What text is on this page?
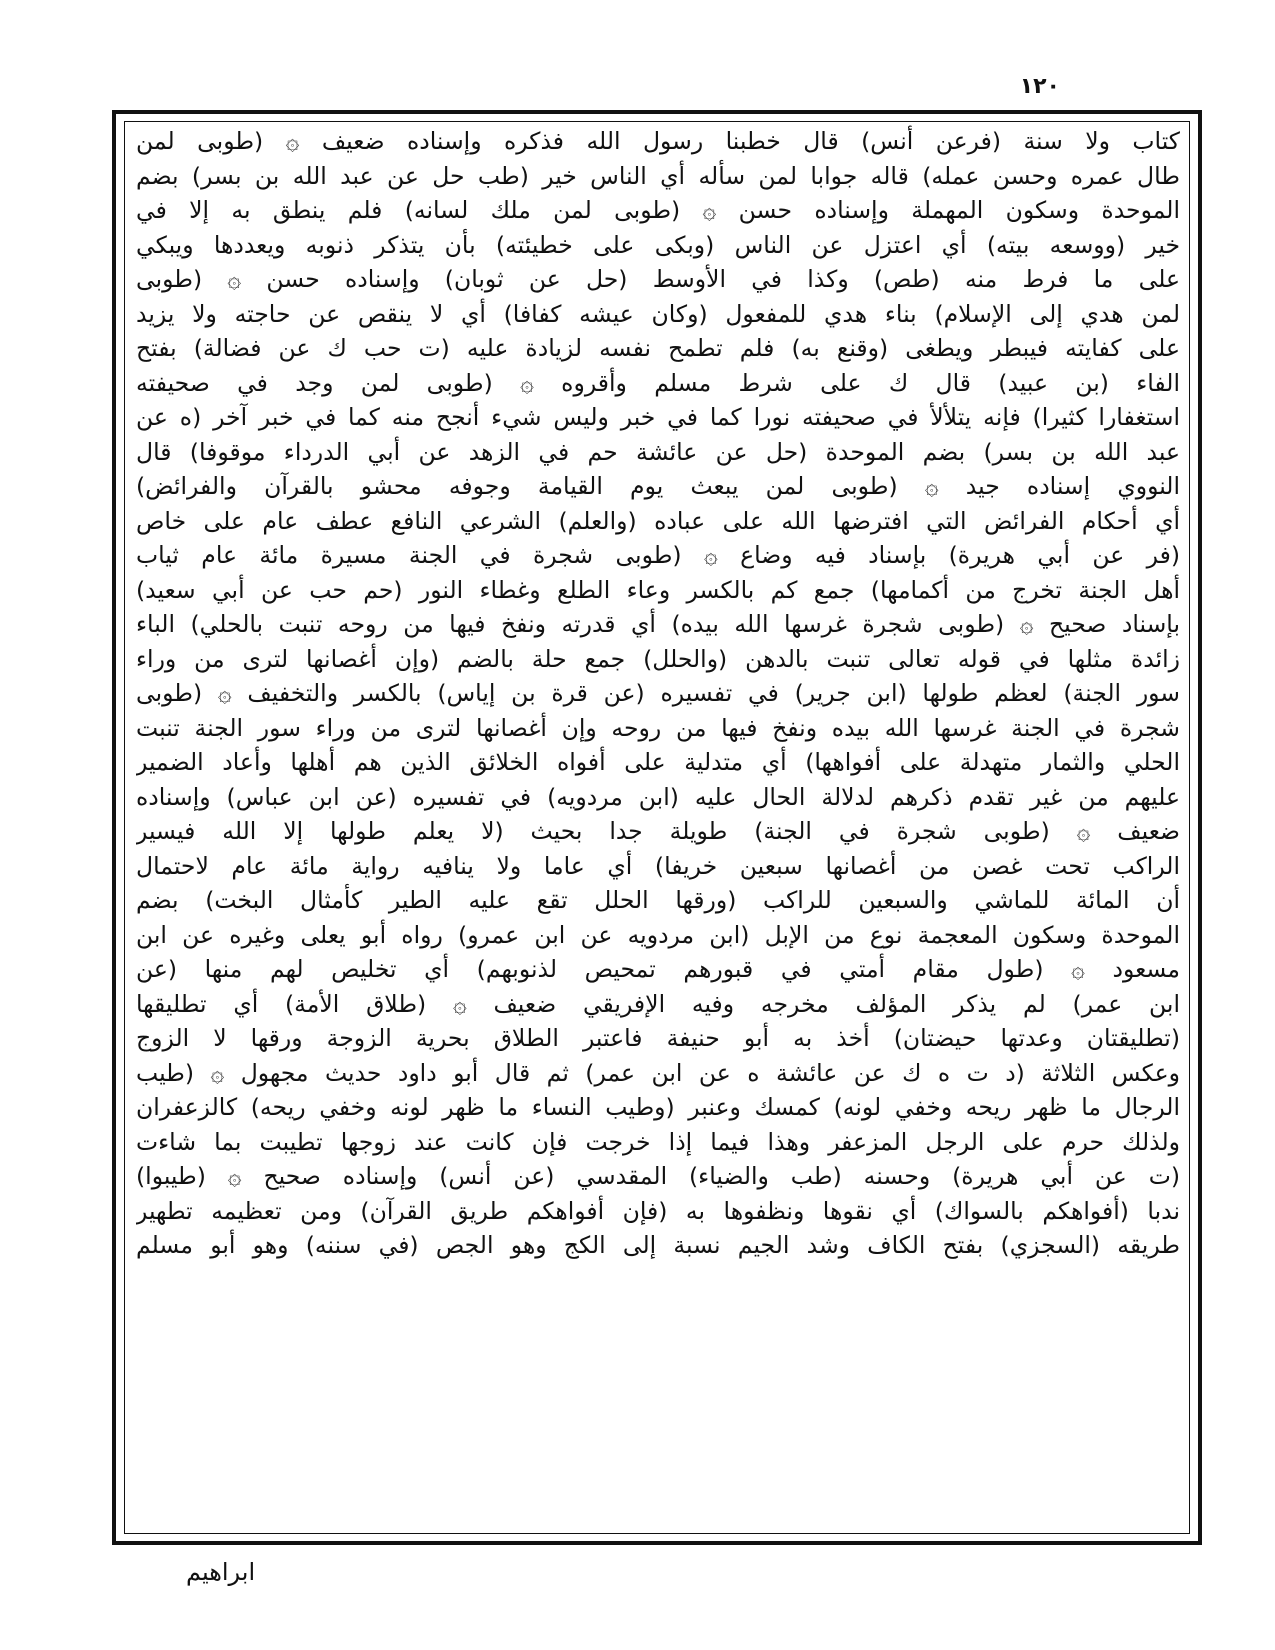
١٢٠
كتاب ولا سنة (فرعن أنس) قال خطبنا رسول الله فذكره وإسناده ضعيف ۞ (طوبى لمن
طال عمره وحسن عمله) قاله جوابا لمن سأله أي الناس خير (طب حل عن عبد الله بن بسر) بضم
الموحدة وسكون المهملة وإسناده حسن ۞ (طوبى لمن ملك لسانه) فلم ينطق به إلا في
خير (ووسعه بيته) أي اعتزل عن الناس (وبكى على خطيئته) بأن يتذكر ذنوبه ويعددها ويبكي
على ما فرط منه (طص) وكذا في الأوسط (حل عن ثوبان) وإسناده حسن ۞ (طوبى
لمن هدي إلى الإسلام) بناء هدي للمفعول (وكان عيشه كفافا) أي لا ينقص عن حاجته ولا يزيد
على كفايته فيبطر ويطغى (وقنع به) فلم تطمح نفسه لزيادة عليه (ت حب ك عن فضالة) بفتح
الفاء (بن عبيد) قال ك على شرط مسلم وأقروه ۞ (طوبى لمن وجد في صحيفته
استغفارا كثيرا) فإنه يتلألأ في صحيفته نورا كما في خبر وليس شيء أنجح منه كما في خبر آخر (ه عن
عبد الله بن بسر) بضم الموحدة (حل عن عائشة حم في الزهد عن أبي الدرداء موقوفا) قال
النووي إسناده جيد ۞ (طوبى لمن يبعث يوم القيامة وجوفه محشو بالقرآن والفرائض)
أي أحكام الفرائض التي افترضها الله على عباده (والعلم) الشرعي النافع عطف عام على خاص
(فر عن أبي هريرة) بإسناد فيه وضاع ۞ (طوبى شجرة في الجنة مسيرة مائة عام ثياب
أهل الجنة تخرج من أكمامها) جمع كم بالكسر وعاء الطلع وغطاء النور (حم حب عن أبي سعيد)
بإسناد صحيح ۞ (طوبى شجرة غرسها الله بيده) أي قدرته ونفخ فيها من روحه تنبت بالحلي) الباء
زائدة مثلها في قوله تعالى تنبت بالدهن (والحلل) جمع حلة بالضم (وإن أغصانها لترى من وراء
سور الجنة) لعظم طولها (ابن جرير) في تفسيره (عن قرة بن إياس) بالكسر والتخفيف ۞ (طوبى
شجرة في الجنة غرسها الله بيده ونفخ فيها من روحه وإن أغصانها لترى من وراء سور الجنة تنبت
الحلي والثمار متهدلة على أفواهها) أي متدلية على أفواه الخلائق الذين هم أهلها وأعاد الضمير
عليهم من غير تقدم ذكرهم لدلالة الحال عليه (ابن مردويه) في تفسيره (عن ابن عباس) وإسناده
ضعيف ۞ (طوبى شجرة في الجنة) طويلة جدا بحيث (لا يعلم طولها إلا الله فيسير
الراكب تحت غصن من أغصانها سبعين خريفا) أي عاما ولا ينافيه رواية مائة عام لاحتمال
أن المائة للماشي والسبعين للراكب (ورقها الحلل تقع عليه الطير كأمثال البخت) بضم
الموحدة وسكون المعجمة نوع من الإبل (ابن مردويه عن ابن عمرو) رواه أبو يعلى وغيره عن ابن
مسعود ۞ (طول مقام أمتي في قبورهم تمحيص لذنوبهم) أي تخليص لهم منها (عن
ابن عمر) لم يذكر المؤلف مخرجه وفيه الإفريقي ضعيف ۞ (طلاق الأمة) أي تطليقها
(تطليقتان وعدتها حيضتان) أخذ به أبو حنيفة فاعتبر الطلاق بحرية الزوجة ورقها لا الزوج
وعكس الثلاثة (د ت ه ك عن عائشة ه عن ابن عمر) ثم قال أبو داود حديث مجهول ۞ (طيب
الرجال ما ظهر ريحه وخفي لونه) كمسك وعنبر (وطيب النساء ما ظهر لونه وخفي ريحه) كالزعفران
ولذلك حرم على الرجل المزعفر وهذا فيما إذا خرجت فإن كانت عند زوجها تطيبت بما شاءت
(ت عن أبي هريرة) وحسنه (طب والضياء) المقدسي (عن أنس) وإسناده صحيح ۞ (طيبوا)
ندبا (أفواهكم بالسواك) أي نقوها ونظفوها به (فإن أفواهكم طريق القرآن) ومن تعظيمه تطهير
طريقه (السجزي) بفتح الكاف وشد الجيم نسبة إلى الكج وهو الجص (في سننه) وهو أبو مسلم
ابراهيم
